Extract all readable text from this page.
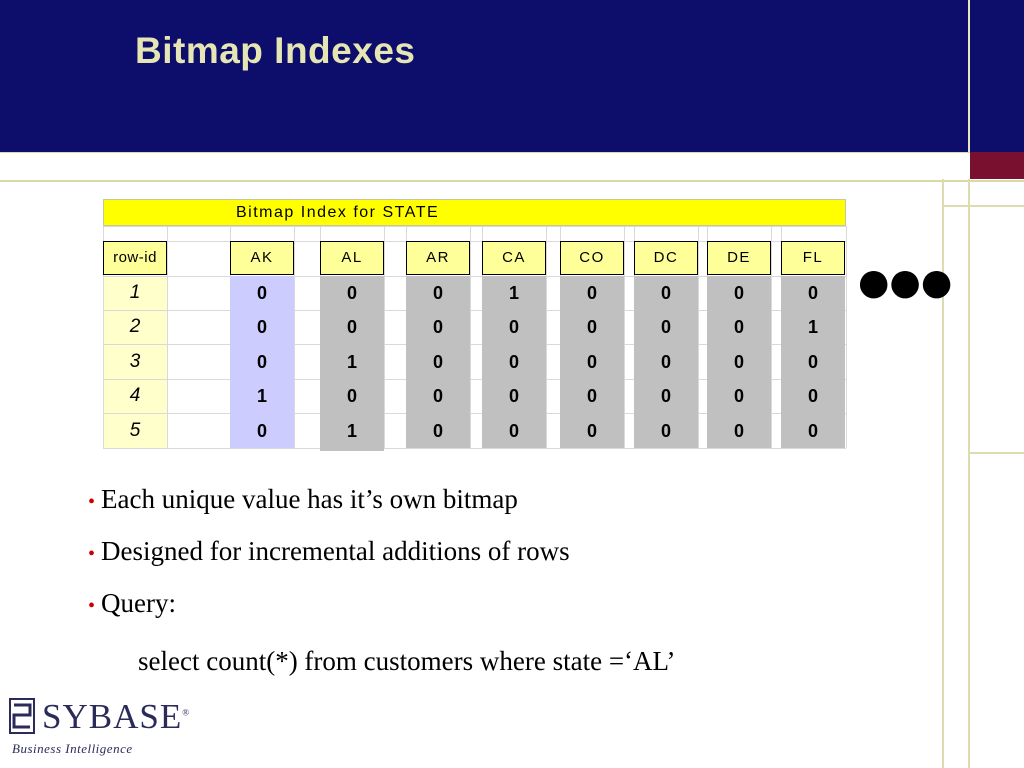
Bitmap Indexes
Bitmap Index for STATE
row-id	AK
0
0
0
1
0
AL
0
0
1
0
1
AR
0
0
0
0
0
CA
1
0
0
0
0
CO
0
0
0
0
0
DC
0
0
0
0
0
DE
0
0
0
0
0
FL
0
1
0
0
0
1
2
3
4
5
●●●
• Each unique value has it’s own bitmap
• Designed for incremental additions of rows
• Query:
select count(*) from customers where state =‘AL’
SYBASE®
Business Intelligence
